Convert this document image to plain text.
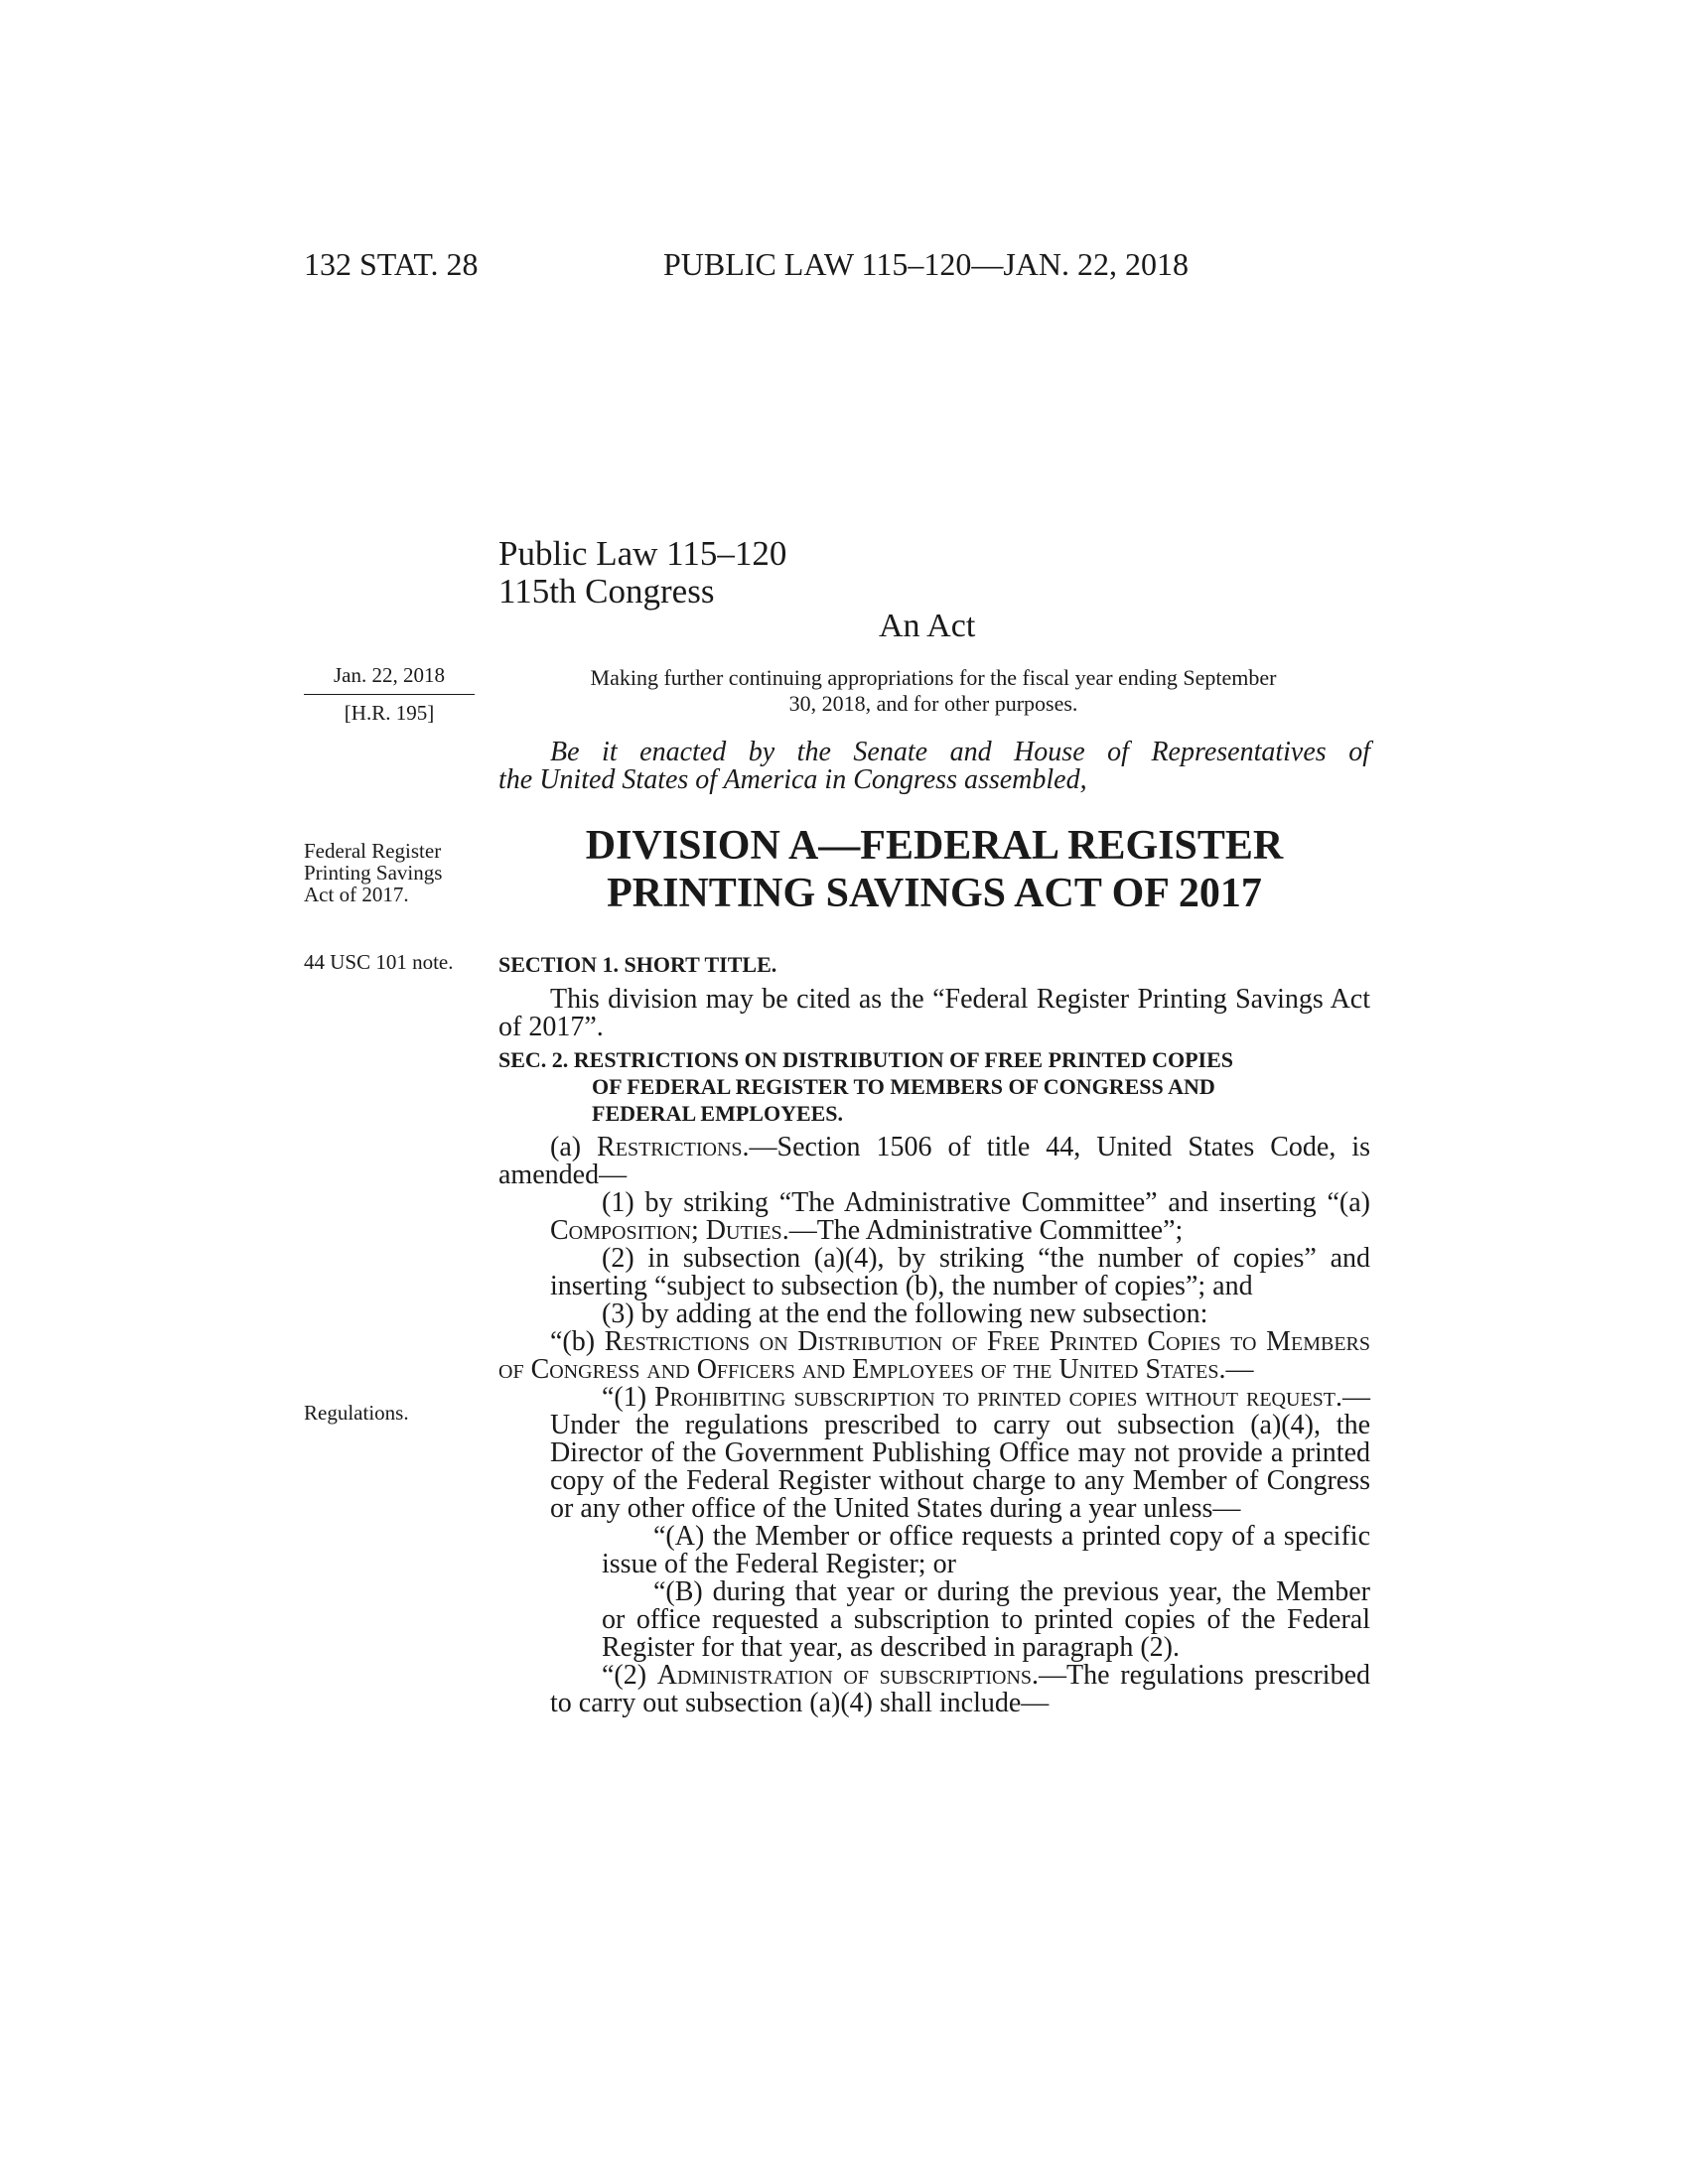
132 STAT. 28	PUBLIC LAW 115–120—JAN. 22, 2018
Public Law 115–120
115th Congress
An Act
Jan. 22, 2018
[H.R. 195]
Making further continuing appropriations for the fiscal year ending September
30, 2018, and for other purposes.
Be it enacted by the Senate and House of Representatives of
the United States of America in Congress assembled,
Federal Register
Printing Savings
Act of 2017.
DIVISION A—FEDERAL REGISTER
PRINTING SAVINGS ACT OF 2017
44 USC 101 note. SECTION 1. SHORT TITLE.

This division may be cited as the “Federal Register Printing Savings Act of 2017”.

SEC. 2. RESTRICTIONS ON DISTRIBUTION OF FREE PRINTED COPIES
OF FEDERAL REGISTER TO MEMBERS OF CONGRESS AND
FEDERAL EMPLOYEES.
Regulations.

(a) Restrictions.—Section 1506 of title 44, United States Code, is amended—

(1) by striking “The Administrative Committee” and inserting “(a) Composition; Duties.—The Administrative Committee”;

(2) in subsection (a)(4), by striking “the number of copies” and inserting “subject to subsection (b), the number of copies”; and

(3) by adding at the end the following new subsection:

“(b) Restrictions on Distribution of Free Printed Copies to Members of Congress and Officers and Employees of the United States.—

“(1) Prohibiting subscription to printed copies without request.—Under the regulations prescribed to carry out subsection (a)(4), the Director of the Government Publishing Office may not provide a printed copy of the Federal Register without charge to any Member of Congress or any other office of the United States during a year unless—

“(A) the Member or office requests a printed copy of a specific issue of the Federal Register; or

“(B) during that year or during the previous year, the Member or office requested a subscription to printed copies of the Federal Register for that year, as described in paragraph (2).

“(2) Administration of subscriptions.—The regulations prescribed to carry out subsection (a)(4) shall include—
